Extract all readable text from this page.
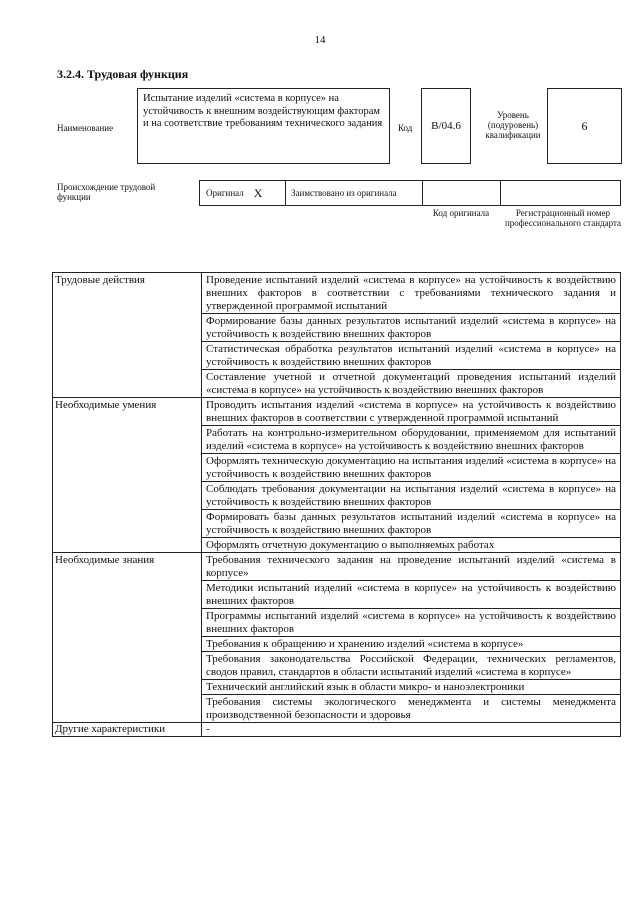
14
3.2.4. Трудовая функция
Наименование
Испытание изделий «система в корпусе» на устойчивость к внешним воздействующим факторам и на соответствие требованиям технического задания	Код	B/04.6
Уровень (подуровень) квалификации
6
Происхождение трудовой функции	Оригинал X	Заимствовано из оригинала
Код оригинала	Регистрационный номер профессионального стандарта
Трудовые действия	Проведение испытаний изделий «система в корпусе» на устойчивость к воздействию внешних факторов в соответствии с требованиями технического задания и утвержденной программой испытаний
	Формирование базы данных результатов испытаний изделий «система в корпусе» на устойчивость к воздействию внешних факторов
	Статистическая обработка результатов испытаний изделий «система в корпусе» на устойчивость к воздействию внешних факторов
	Составление учетной и отчетной документаций проведения испытаний изделий «система в корпусе» на устойчивость к воздействию внешних факторов
Необходимые умения	Проводить испытания изделий «система в корпусе» на устойчивость к воздействию внешних факторов в соответствии с утвержденной программой испытаний
	Работать на контрольно-измерительном оборудовании, применяемом для испытаний изделий «система в корпусе» на устойчивость к воздействию внешних факторов
	Оформлять техническую документацию на испытания изделий «система в корпусе» на устойчивость к воздействию внешних факторов
	Соблюдать требования документации на испытания изделий «система в корпусе» на устойчивость к воздействию внешних факторов
	Формировать базы данных результатов испытаний изделий «система в корпусе» на устойчивость к воздействию внешних факторов
	Оформлять отчетную документацию о выполняемых работах
Необходимые знания	Требования технического задания на проведение испытаний изделий «система в корпусе»
	Методики испытаний изделий «система в корпусе» на устойчивость к воздействию внешних факторов
	Программы испытаний изделий «система в корпусе» на устойчивость к воздействию внешних факторов
	Требования к обращению и хранению изделий «система в корпусе»
	Требования законодательства Российской Федерации, технических регламентов, сводов правил, стандартов в области испытаний изделий «система в корпусе»
	Технический английский язык в области микро- и наноэлектроники
	Требования системы экологического менеджмента и системы менеджмента производственной безопасности и здоровья
Другие характеристики	-
